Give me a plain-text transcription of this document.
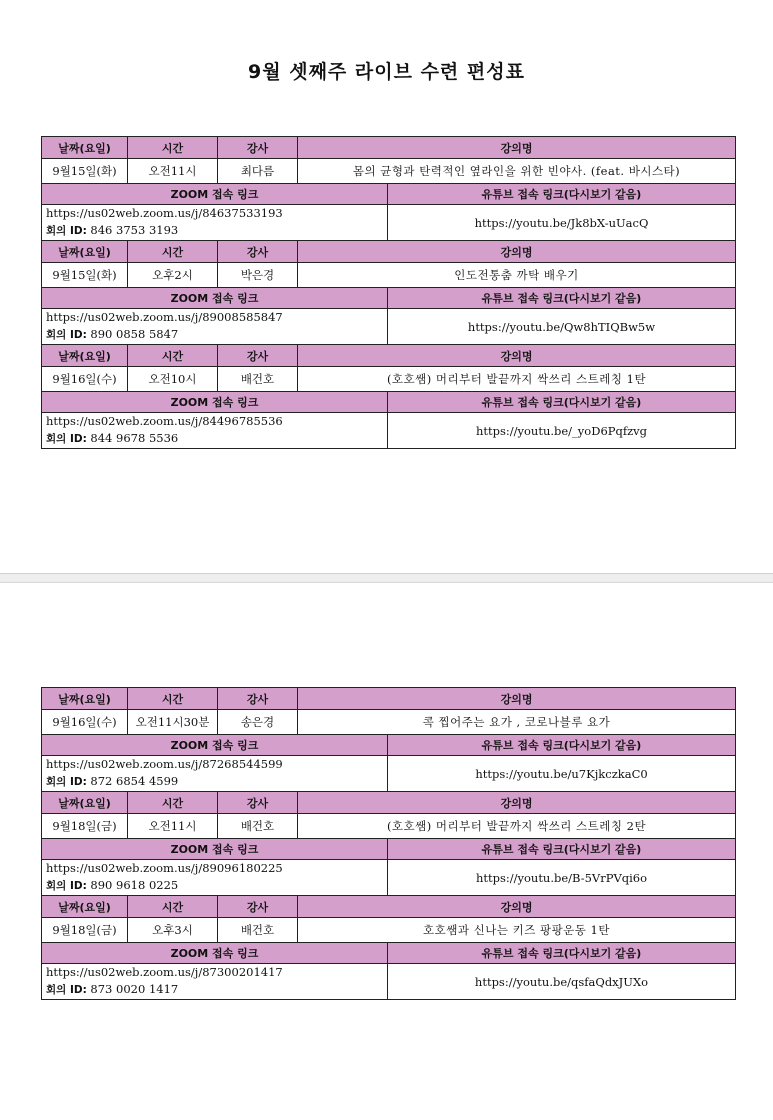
9월 셋째주 라이브 수련 편성표
날짜(요일)	시간	강사	강의명	
9월15일(화)	오전11시	최다름	몸의 균형과 탄력적인 옆라인을 위한 빈야사. (feat. 바시스타)	
ZOOM 접속 링크				유튜브 접속 링크(다시보기 같음)

https://us02web.zoom.us/j/84637533193
회의 ID: 846 3753 3193				https://youtu.be/Jk8bX-uUacQ
날짜(요일)	시간	강사	강의명	
9월15일(화)	오후2시	박은경	인도전통춤 까탁 배우기	
ZOOM 접속 링크				유튜브 접속 링크(다시보기 같음)

https://us02web.zoom.us/j/89008585847
회의 ID: 890 0858 5847				https://youtu.be/Qw8hTIQBw5w
날짜(요일)	시간	강사	강의명	
9월16일(수)	오전10시	배건호	(호호쌤) 머리부터 발끝까지 싹쓰리 스트레칭 1탄	
ZOOM 접속 링크				유튜브 접속 링크(다시보기 같음)

https://us02web.zoom.us/j/84496785536
회의 ID: 844 9678 5536				https://youtu.be/_yoD6Pqfzvg
날짜(요일)	시간	강사	강의명	
9월16일(수)	오전11시30분	송은경	콕 찝어주는 요가 , 코로나블루 요가	
ZOOM 접속 링크				유튜브 접속 링크(다시보기 같음)

https://us02web.zoom.us/j/87268544599
회의 ID: 872 6854 4599				https://youtu.be/u7KjkczkaC0
날짜(요일)	시간	강사	강의명	
9월18일(금)	오전11시	배건호	(호호쌤) 머리부터 발끝까지 싹쓰리 스트레칭 2탄	
ZOOM 접속 링크				유튜브 접속 링크(다시보기 같음)

https://us02web.zoom.us/j/89096180225
회의 ID: 890 9618 0225				https://youtu.be/B-5VrPVqi6o
날짜(요일)	시간	강사	강의명	
9월18일(금)	오후3시	배건호	호호쌤과 신나는 키즈 팡팡운동 1탄	
ZOOM 접속 링크				유튜브 접속 링크(다시보기 같음)

https://us02web.zoom.us/j/87300201417
회의 ID: 873 0020 1417				https://youtu.be/qsfaQdxJUXo
